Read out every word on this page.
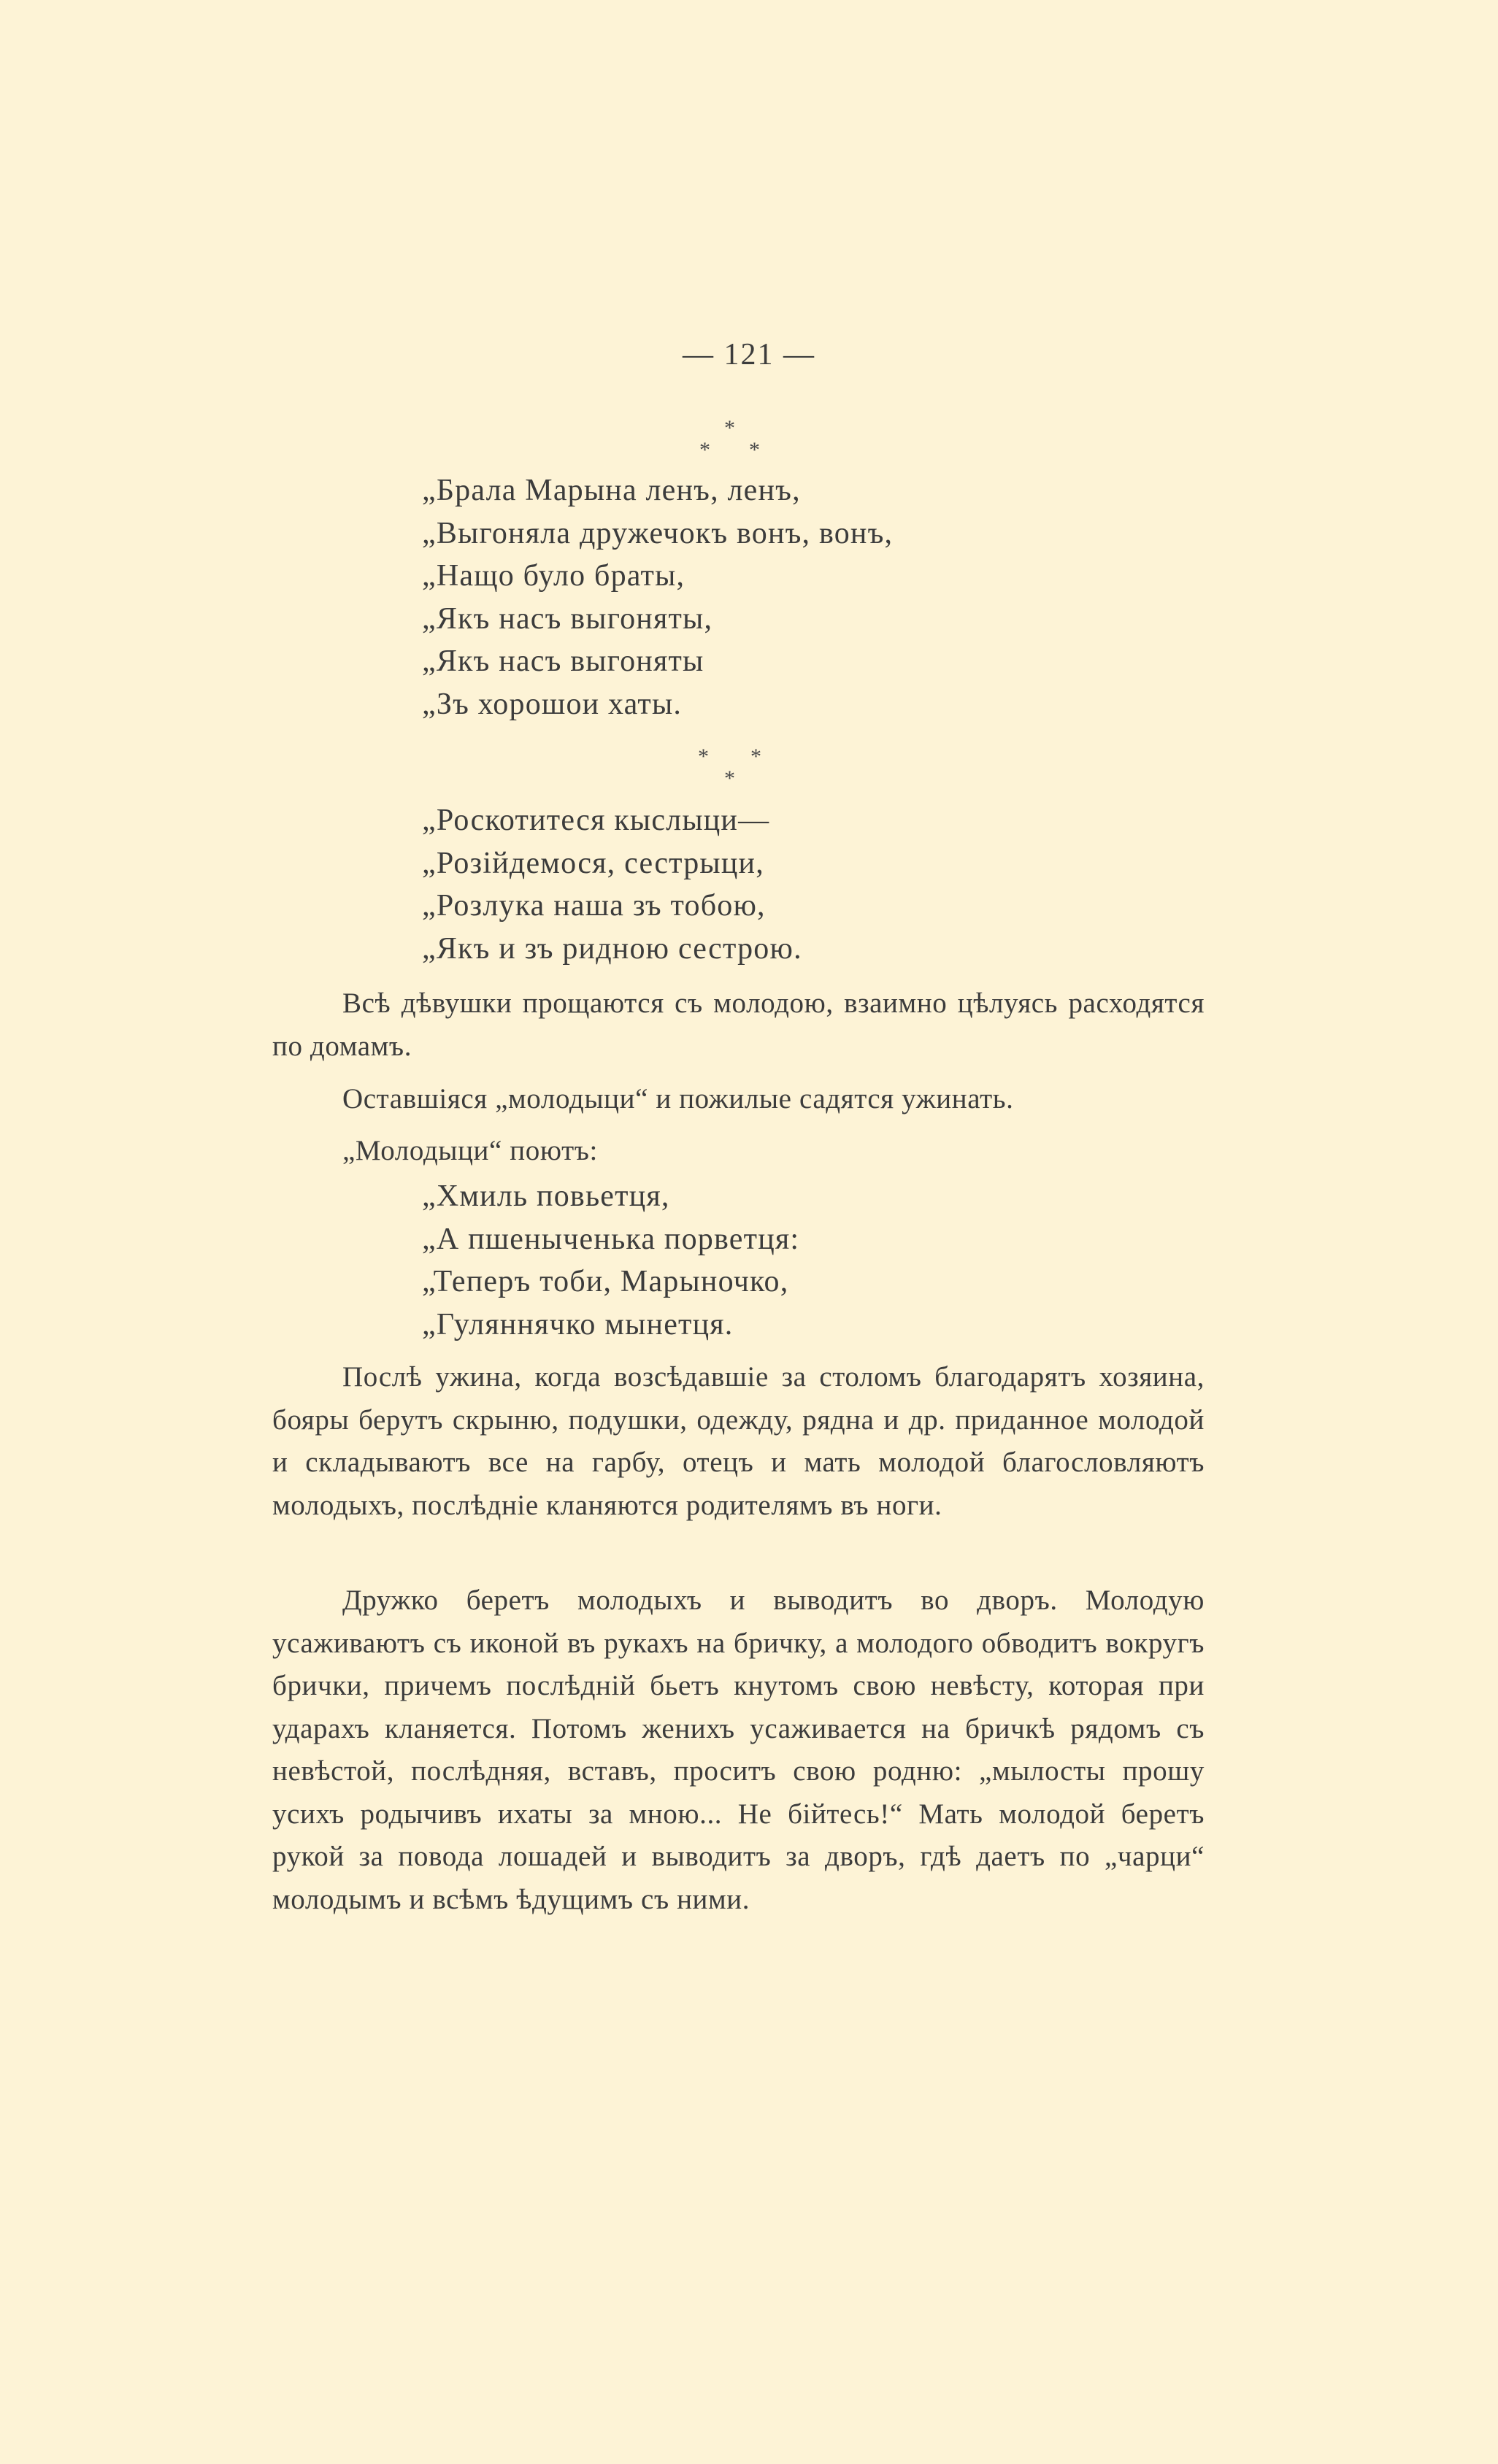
— 121 —
*
* *
„Брала Марына ленъ, ленъ,
„Выгоняла дружечокъ вонъ, вонъ,
„Нащо було браты,
„Якъ насъ выгоняты,
„Якъ насъ выгоняты
„Зъ хорошои хаты.
* *
*
„Роскотитеся кыслыци—
„Розiйдемося, сестрыци,
„Розлука наша зъ тобою,
„Якъ и зъ ридною сестрою.
Всѣ дѣвушки прощаются съ молодою, взаимно цѣлуясь расходятся по домамъ.
Оставшiяся „молодыци“ и пожилые садятся ужинать.
„Молодыци“ поютъ:
„Хмиль повьетця,
„А пшеныченька порветця:
„Теперъ тоби, Марыночко,
„Гуляннячко мынетця.
Послѣ ужина, когда возсѣдавшiе за столомъ благодарятъ хозяина, бояры берутъ скрыню, подушки, одежду, рядна и др. приданное молодой и складываютъ все на гарбу, отецъ и мать молодой благословляютъ молодыхъ, послѣднiе кланяются родителямъ въ ноги.
Дружко беретъ молодыхъ и выводитъ во дворъ. Молодую усаживаютъ съ иконой въ рукахъ на бричку, а молодого обводитъ вокругъ брички, причемъ послѣднiй бьетъ кнутомъ свою невѣсту, которая при ударахъ кланяется. Потомъ женихъ усаживается на бричкѣ рядомъ съ невѣстой, послѣдняя, вставъ, проситъ свою родню: „мылосты прошу усихъ родычивъ ихаты за мною... Не бiйтесь!“ Мать молодой беретъ рукой за повода лошадей и выводитъ за дворъ, гдѣ даетъ по „чарци“ молодымъ и всѣмъ ѣдущимъ съ ними.
